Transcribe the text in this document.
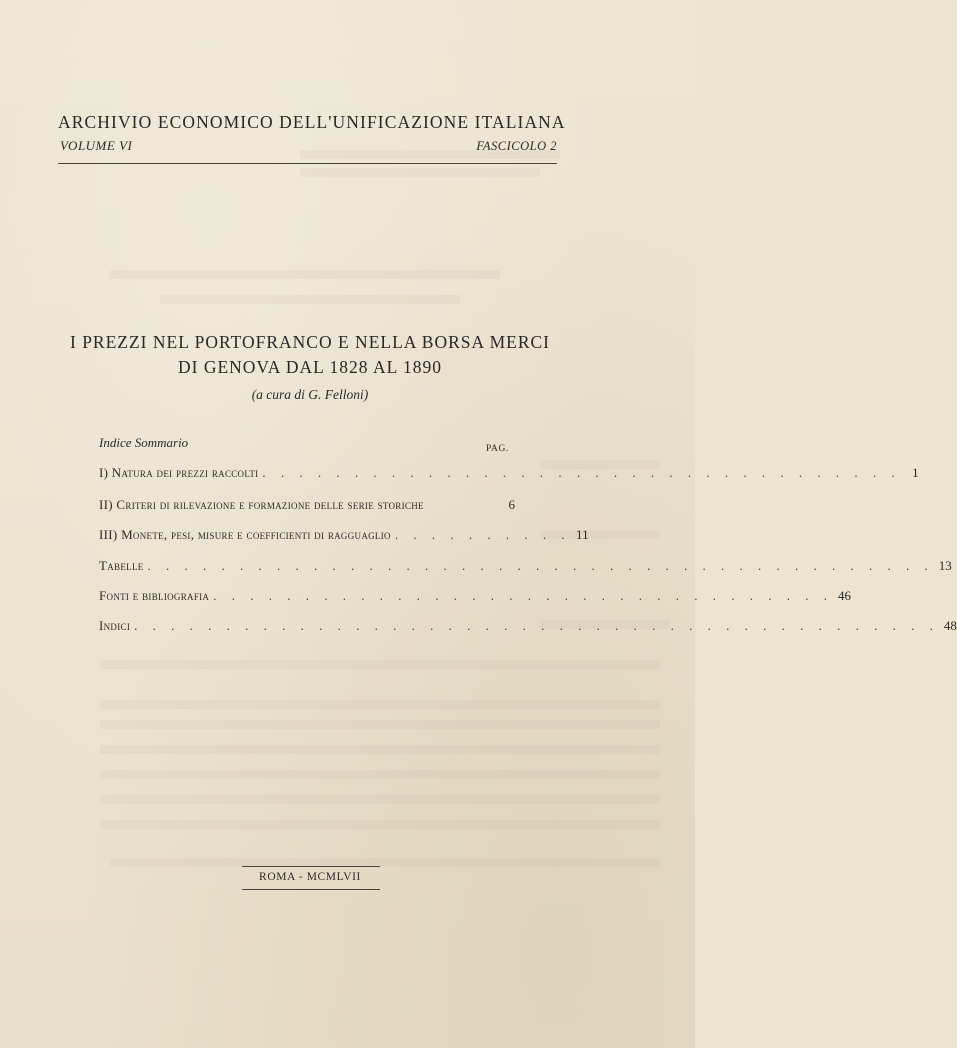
ARCHIVIO ECONOMICO DELL'UNIFICAZIONE ITALIANA
VOLUME VI	FASCICOLO 2
I PREZZI NEL PORTOFRANCO E NELLA BORSA MERCI
DI GENOVA DAL 1828 AL 1890
(a cura di G. Felloni)
Indice Sommario	PAG.
I) Natura dei prezzi raccolti . . . . . . . . . . . . . . . . . . . . . . . . . . . . . . . . . . . 1
II) Criteri di rilevazione e formazione delle serie storiche	6
III) Monete, pesi, misure e coefficienti di ragguaglio . . . . . . . . . . 11
Tabelle . . . . . . . . . . . . . . . . . . . . . . . . . . . . . . . . . . . . . . . . . . . 13
Fonti e bibliografia . . . . . . . . . . . . . . . . . . . . . . . . . . . . . . . . . . 46
Indici . . . . . . . . . . . . . . . . . . . . . . . . . . . . . . . . . . . . . . . . . . . . 48
ROMA - MCMLVII
